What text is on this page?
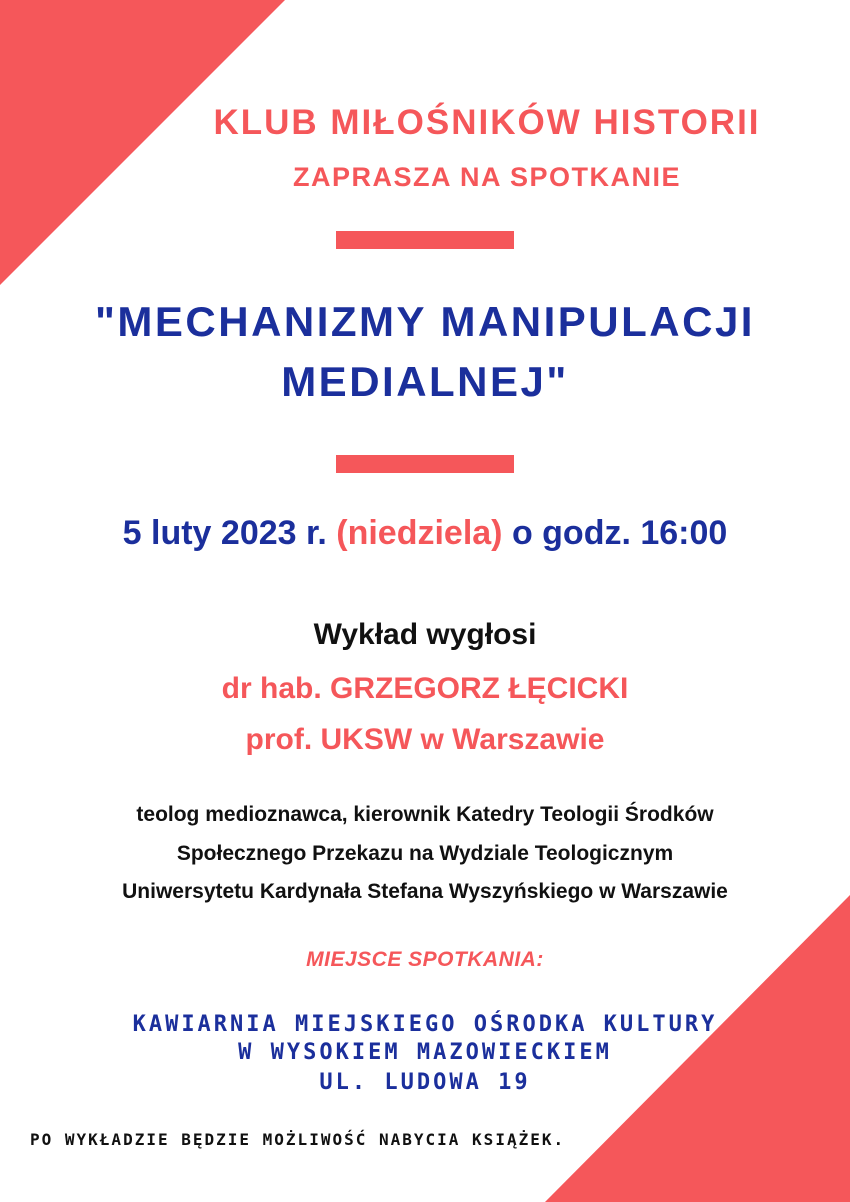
KLUB MIŁOŚNIKÓW HISTORII
ZAPRASZA NA SPOTKANIE
"MECHANIZMY MANIPULACJI
MEDIALNEJ"
5 luty 2023 r. (niedziela) o godz. 16:00
Wykład wygłosi
dr hab. GRZEGORZ ŁĘCICKI
prof. UKSW w Warszawie
teolog medioznawca, kierownik Katedry Teologii Środków
Społecznego Przekazu na Wydziale Teologicznym
Uniwersytetu Kardynała Stefana Wyszyńskiego w Warszawie
MIEJSCE SPOTKANIA:
KAWIARNIA MIEJSKIEGO OŚRODKA KULTURY
W WYSOKIEM MAZOWIECKIEM
UL. LUDOWA 19
PO WYKŁADZIE BĘDZIE MOŻLIWOŚĆ NABYCIA KSIĄŻEK.
